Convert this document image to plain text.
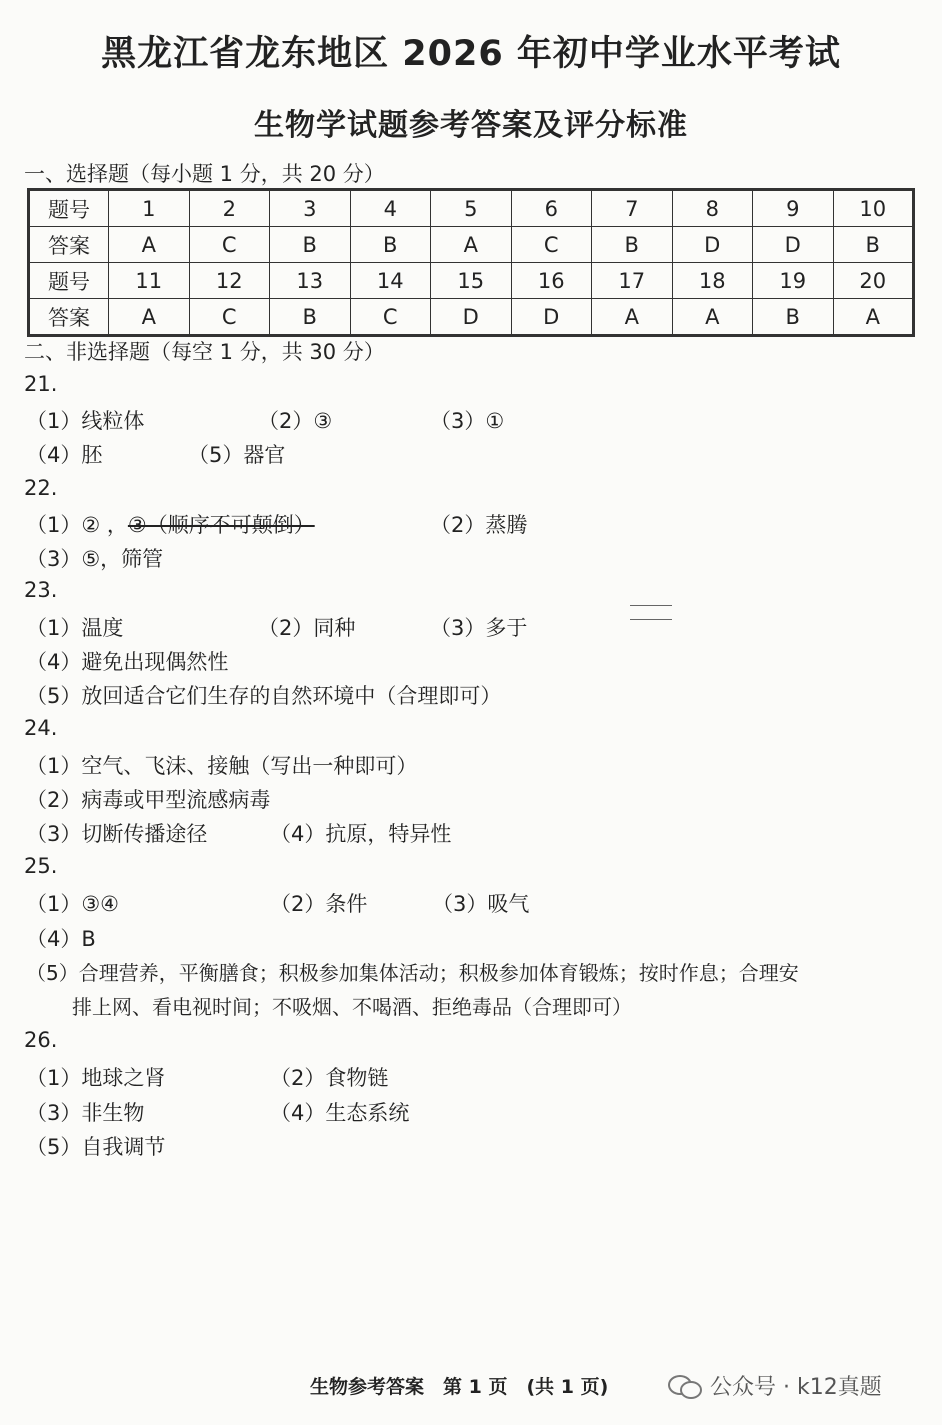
黑龙江省龙东地区 2026 年初中学业水平考试
生物学试题参考答案及评分标准
一、选择题（每小题 1 分，共 20 分）
题号	1	2	3	4	5	6	7	8	9	10
答案	A	C	B	B	A	C	B	D	D	B
题号	11	12	13	14	15	16	17	18	19	20
答案	A	C	B	C	D	D	A	A	B	A
二、非选择题（每空 1 分，共 30 分）
21.
（1）线粒体	（2）③	（3）①
（4）胚	（5）器官
22.
（1）② ，③（顺序不可颠倒）	（2）蒸腾
（3）⑤，筛管
23.
（1）温度	（2）同种	（3）多于
（4）避免出现偶然性
（5）放回适合它们生存的自然环境中（合理即可）
24.
（1）空气、飞沫、接触（写出一种即可）
（2）病毒或甲型流感病毒
（3）切断传播途径	（4）抗原，特异性
25.
（1）③④	（2）条件	（3）吸气
（4）B
（5）合理营养，平衡膳食；积极参加集体活动；积极参加体育锻炼；按时作息；合理安
排上网、看电视时间；不吸烟、不喝酒、拒绝毒品（合理即可）
26.
（1）地球之肾	（2）食物链
（3）非生物	（4）生态系统
（5）自我调节
生物参考答案　第 1 页　(共 1 页)	公众号 · k12真题
